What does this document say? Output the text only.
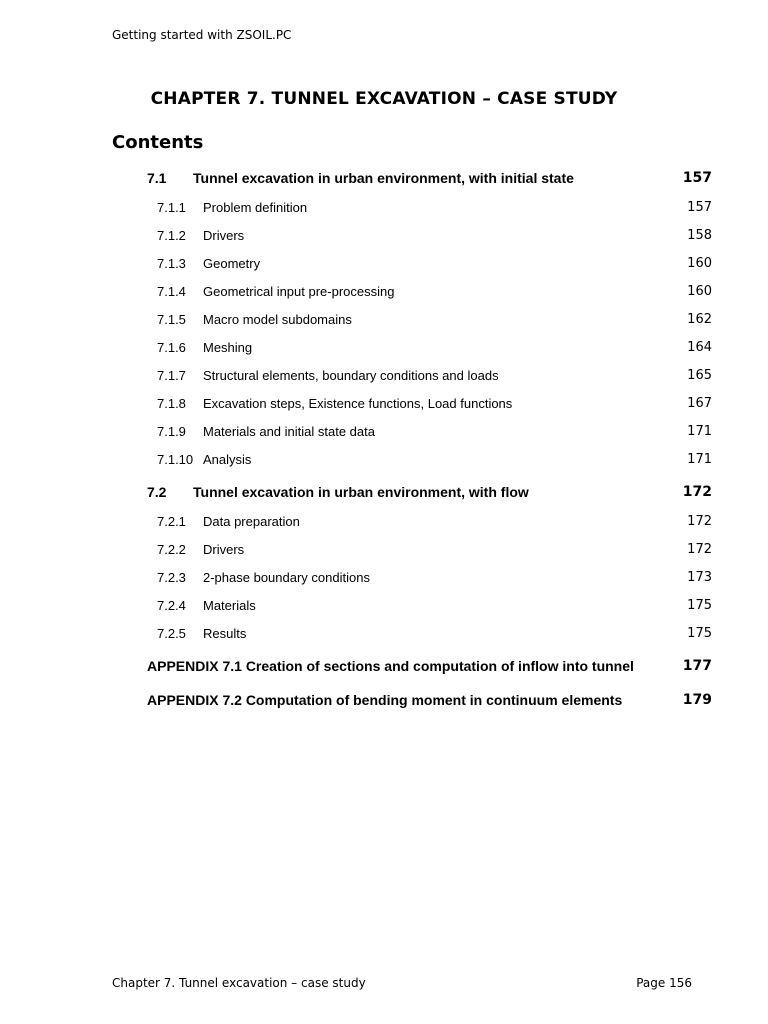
Getting started with ZSOIL.PC
CHAPTER 7. TUNNEL EXCAVATION – CASE STUDY
Contents
7.1 Tunnel excavation in urban environment, with initial state	157
7.1.1 Problem definition	157
7.1.2 Drivers	158
7.1.3 Geometry	160
7.1.4 Geometrical input pre-processing	160
7.1.5 Macro model subdomains	162
7.1.6 Meshing	164
7.1.7 Structural elements, boundary conditions and loads	165
7.1.8 Excavation steps, Existence functions, Load functions	167
7.1.9 Materials and initial state data	171
7.1.10 Analysis	171
7.2 Tunnel excavation in urban environment, with flow	172
7.2.1 Data preparation	172
7.2.2 Drivers	172
7.2.3 2-phase boundary conditions	173
7.2.4 Materials	175
7.2.5 Results	175
APPENDIX 7.1 Creation of sections and computation of inflow into tunnel	177
APPENDIX 7.2 Computation of bending moment in continuum elements	179
Chapter 7. Tunnel excavation – case study	Page 156
